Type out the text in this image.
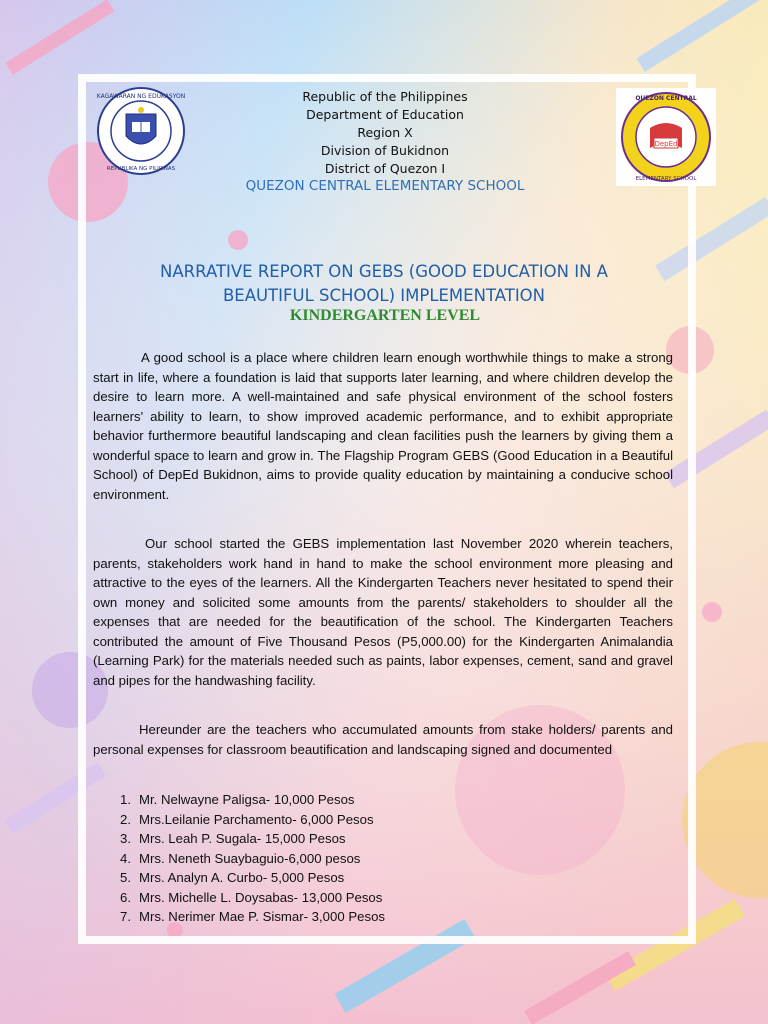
KAGAWARAN NG EDUKASYON
REPUBLIKA NG PILIPINAS
DepEd
QUEZON CENTRAL
ELEMENTARY SCHOOL
Republic of the Philippines
Department of Education
Region X
Division of Bukidnon
District of Quezon I
QUEZON CENTRAL ELEMENTARY SCHOOL
NARRATIVE REPORT ON GEBS (GOOD EDUCATION IN A
BEAUTIFUL SCHOOL) IMPLEMENTATION
KINDERGARTEN LEVEL

A good school is a place where children learn enough worthwhile things to make a strong start in life, where a foundation is laid that supports later learning, and where children develop the desire to learn more. A well-maintained and safe physical environment of the school fosters learners' ability to learn, to show improved academic performance, and to exhibit appropriate behavior furthermore beautiful landscaping and clean facilities push the learners by giving them a wonderful space to learn and grow in. The Flagship Program GEBS (Good Education in a Beautiful School) of DepEd Bukidnon, aims to provide quality education by maintaining a conducive school environment.

Our school started the GEBS implementation last November 2020 wherein teachers, parents, stakeholders work hand in hand to make the school environment more pleasing and attractive to the eyes of the learners. All the Kindergarten Teachers never hesitated to spend their own money and solicited some amounts from the parents/ stakeholders to shoulder all the expenses that are needed for the beautification of the school. The Kindergarten Teachers contributed the amount of Five Thousand Pesos (P5,000.00) for the Kindergarten Animalandia (Learning Park) for the materials needed such as paints, labor expenses, cement, sand and gravel and pipes for the handwashing facility.

Hereunder are the teachers who accumulated amounts from stake holders/ parents and personal expenses for classroom beautification and landscaping signed and documented

1. Mr. Nelwayne Paligsa- 10,000 Pesos
2. Mrs.Leilanie Parchamento- 6,000 Pesos
3. Mrs. Leah P. Sugala- 15,000 Pesos
4. Mrs. Neneth Suaybaguio-6,000 pesos
5. Mrs. Analyn A. Curbo- 5,000 Pesos
6. Mrs. Michelle L. Doysabas- 13,000 Pesos
7. Mrs. Nerimer Mae P. Sismar- 3,000 Pesos
